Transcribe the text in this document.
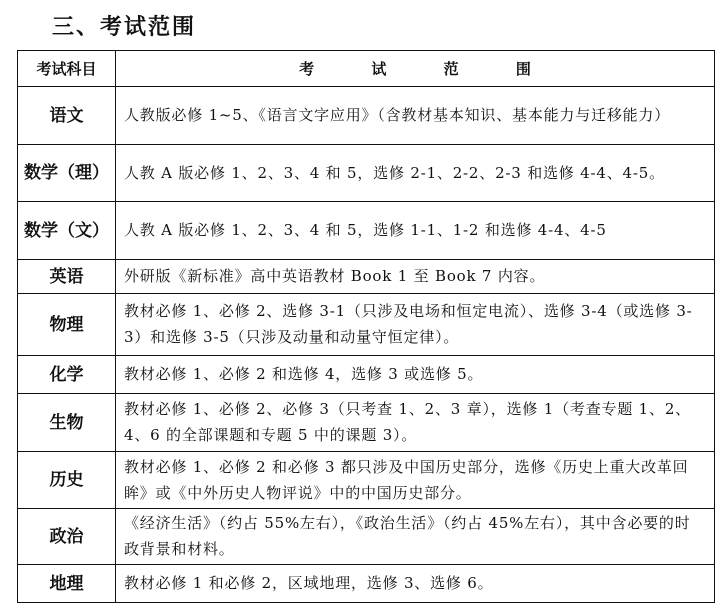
三、考试范围
考试科目	考 试 范 围
语文	人教版必修 1~5、《语言文字应用》（含教材基本知识、基本能力与迁移能力）
数学（理）	人教 A 版必修 1、2、3、4 和 5，选修 2-1、2-2、2-3 和选修 4-4、4-5。
数学（文）	人教 A 版必修 1、2、3、4 和 5，选修 1-1、1-2 和选修 4-4、4-5
英语	外研版《新标准》高中英语教材 Book 1 至 Book 7 内容。
物理	教材必修 1、必修 2、选修 3-1（只涉及电场和恒定电流）、选修 3-4（或选修 3-3）和选修 3-5（只涉及动量和动量守恒定律）。
化学	教材必修 1、必修 2 和选修 4，选修 3 或选修 5。
生物	教材必修 1、必修 2、必修 3（只考查 1、2、3 章），选修 1（考查专题 1、2、4、6 的全部课题和专题 5 中的课题 3）。
历史	教材必修 1、必修 2 和必修 3 都只涉及中国历史部分，选修《历史上重大改革回眸》或《中外历史人物评说》中的中国历史部分。
政治	《经济生活》（约占 55%左右），《政治生活》（约占 45%左右），其中含必要的时政背景和材料。
地理	教材必修 1 和必修 2，区域地理，选修 3、选修 6。
